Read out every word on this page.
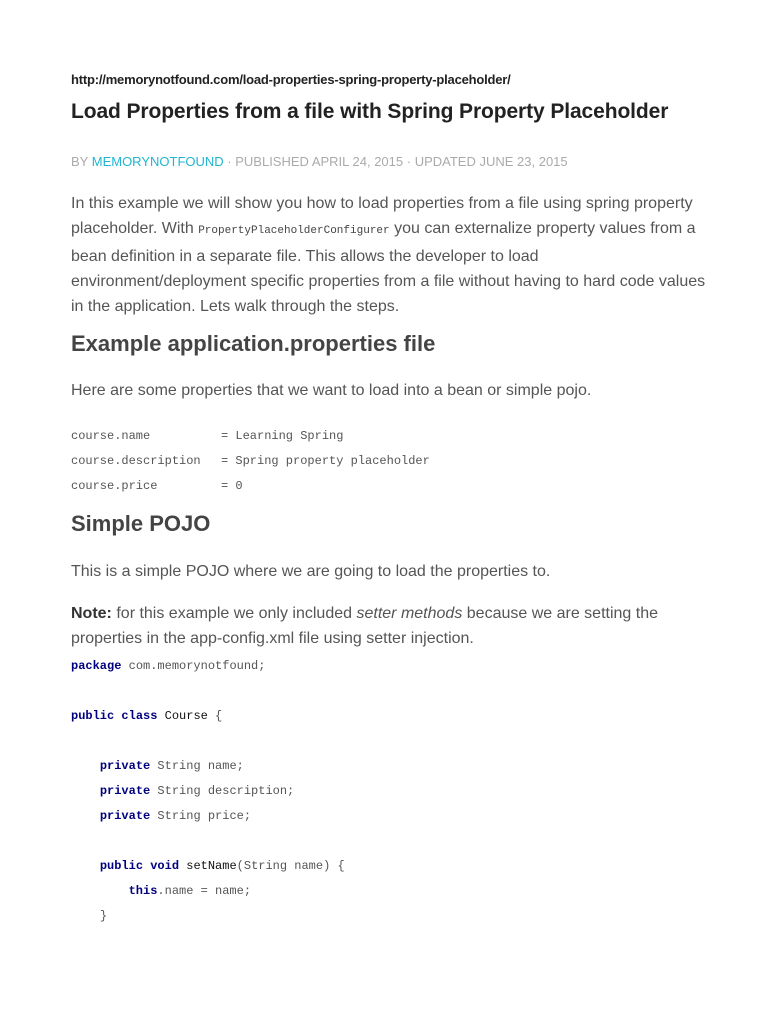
http://memorynotfound.com/load-properties-spring-property-placeholder/
Load Properties from a file with Spring Property Placeholder
BY MEMORYNOTFOUND · PUBLISHED APRIL 24, 2015 · UPDATED JUNE 23, 2015

In this example we will show you how to load properties from a file using spring property placeholder. With PropertyPlaceholderConfigurer you can externalize property values from a bean definition in a separate file. This allows the developer to load environment/deployment specific properties from a file without having to hard code values in the application. Lets walk through the steps.

Example application.properties file

Here are some properties that we want to load into a bean or simple pojo.

course.name	= Learning Spring
course.description	= Spring property placeholder
course.price	= 0
Simple POJO

This is a simple POJO where we are going to load the properties to.

Note: for this example we only included setter methods because we are setting the properties in the app-config.xml file using setter injection.

package com.memorynotfound;
public class Course {
private String name;
private String description;
private String price;
public void setName(String name) {
this.name = name;
}
